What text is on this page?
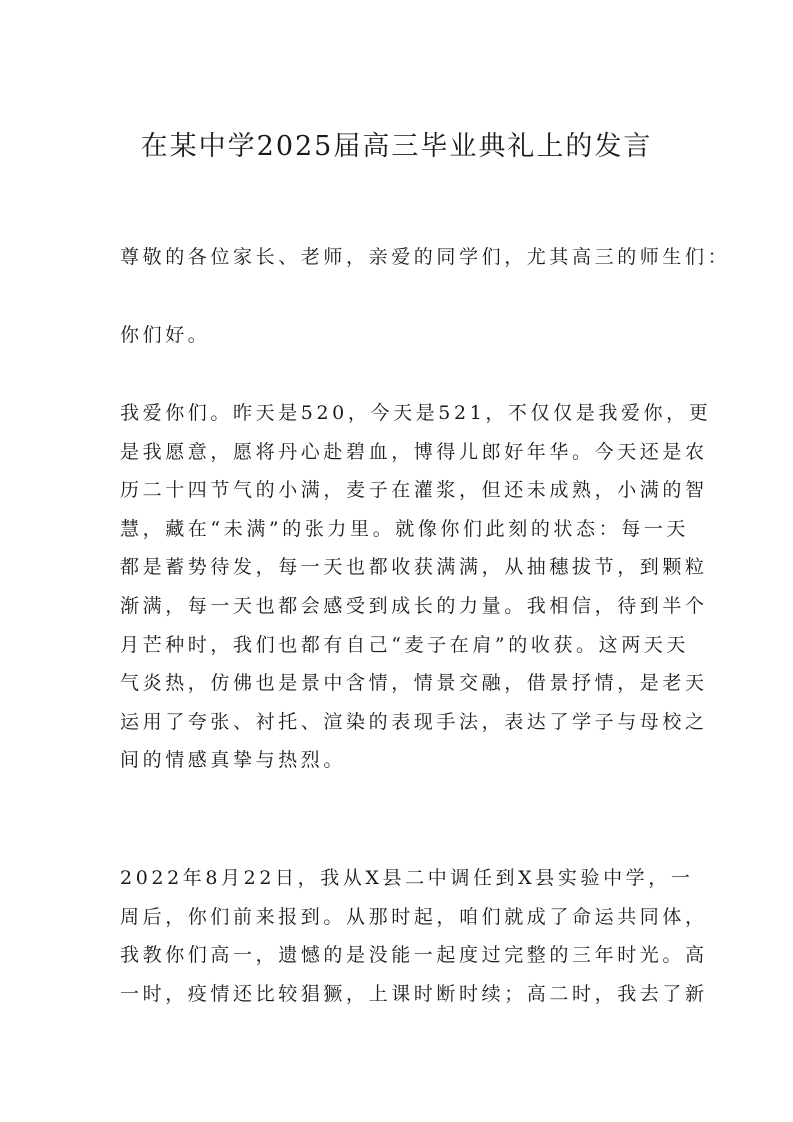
在某中学2025届高三毕业典礼上的发言

尊敬的各位家长、老师，亲爱的同学们，尤其高三的师生们：

你们好。

我爱你们。昨天是520，今天是521，不仅仅是我爱你，更
是我愿意，愿将丹心赴碧血，博得儿郎好年华。今天还是农
历二十四节气的小满，麦子在灌浆，但还未成熟，小满的智
慧，藏在“未满”的张力里。就像你们此刻的状态：每一天
都是蓄势待发，每一天也都收获满满，从抽穗拔节，到颗粒
渐满，每一天也都会感受到成长的力量。我相信，待到半个
月芒种时，我们也都有自己“麦子在肩”的收获。这两天天
气炎热，仿佛也是景中含情，情景交融，借景抒情，是老天
运用了夸张、衬托、渲染的表现手法，表达了学子与母校之
间的情感真挚与热烈。

2022年8月22日，我从X县二中调任到X县实验中学，一
周后，你们前来报到。从那时起，咱们就成了命运共同体，
我教你们高一，遗憾的是没能一起度过完整的三年时光。高
一时，疫情还比较猖獗，上课时断时续；高二时，我去了新
